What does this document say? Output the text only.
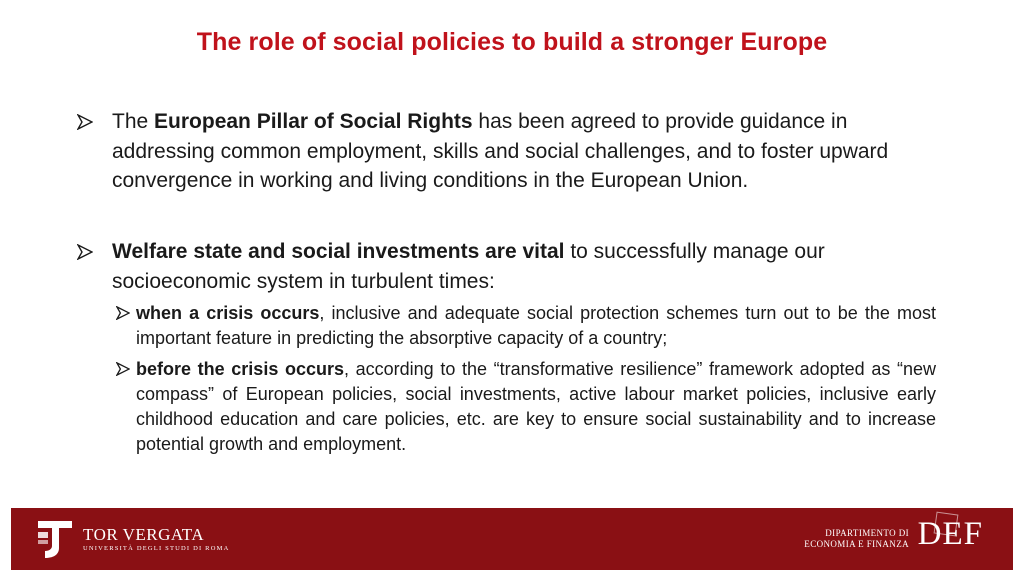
The role of social policies to build a stronger Europe
The European Pillar of Social Rights has been agreed to provide guidance in addressing common employment, skills and social challenges, and to foster upward convergence in working and living conditions in the European Union.
Welfare state and social investments are vital to successfully manage our socioeconomic system in turbulent times:
when a crisis occurs, inclusive and adequate social protection schemes turn out to be the most important feature in predicting the absorptive capacity of a country;
before the crisis occurs, according to the “transformative resilience” framework adopted as “new compass” of European policies, social investments, active labour market policies, inclusive early childhood education and care policies, etc. are key to ensure social sustainability and to increase potential growth and employment.
TOR VERGATA
UNIVERSITÀ DEGLI STUDI DI ROMA
DIPARTIMENTO DI
ECONOMIA E FINANZA DEF
